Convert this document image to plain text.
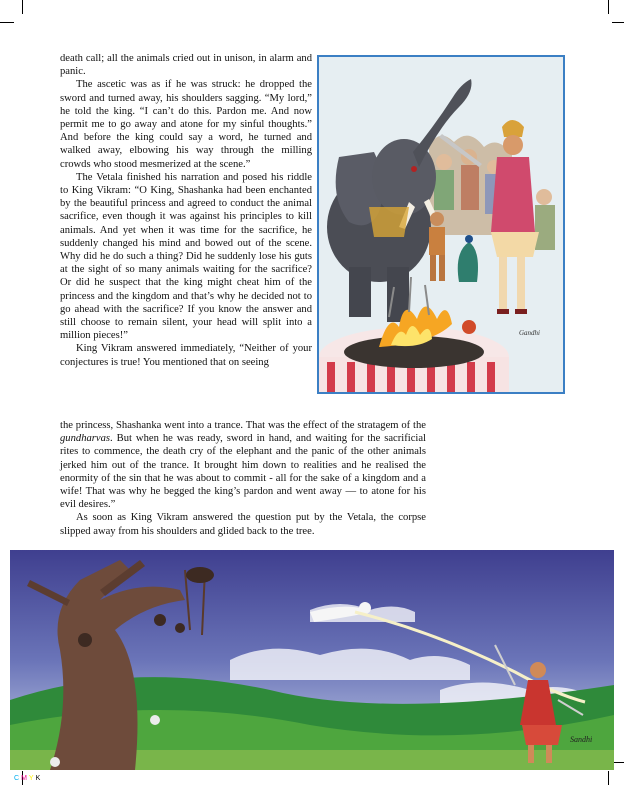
death call; all the animals cried out in unison, in alarm and panic.

The ascetic was as if he was struck: he dropped the sword and turned away, his shoulders sagging. “My lord,” he told the king. “I can’t do this. Pardon me. And now permit me to go away and atone for my sinful thoughts.” And before the king could say a word, he turned and walked away, elbowing his way through the milling crowds who stood mesmerized at the scene.”

The Vetala finished his narration and posed his riddle to King Vikram: “O King, Shashanka had been enchanted by the beautiful princess and agreed to conduct the animal sacrifice, even though it was against his principles to kill animals. And yet when it was time for the sacrifice, he suddenly changed his mind and bowed out of the scene. Why did he do such a thing? Did he suddenly lose his guts at the sight of so many animals waiting for the sacrifice? Or did he suspect that the king might cheat him of the princess and the kingdom and that’s why he decided not to go ahead with the sacrifice? If you know the answer and still choose to remain silent, your head will split into a million pieces!”

King Vikram answered immediately, “Neither of your conjectures is true! You mentioned that on seeing

the princess, Shashanka went into a trance. That was the effect of the stratagem of the gundharvas. But when he was ready, sword in hand, and waiting for the sacrificial rites to commence, the death cry of the elephant and the panic of the other animals jerked him out of the trance. It brought him down to realities and he realised the enormity of the sin that he was about to commit - all for the sake of a kingdom and a wife! That was why he begged the king’s pardon and went away — to atone for his evil desires.”

As soon as King Vikram answered the question put by the Vetala, the corpse slipped away from his shoulders and glided back to the tree.

Gandhi
Sandhi
CMYK
